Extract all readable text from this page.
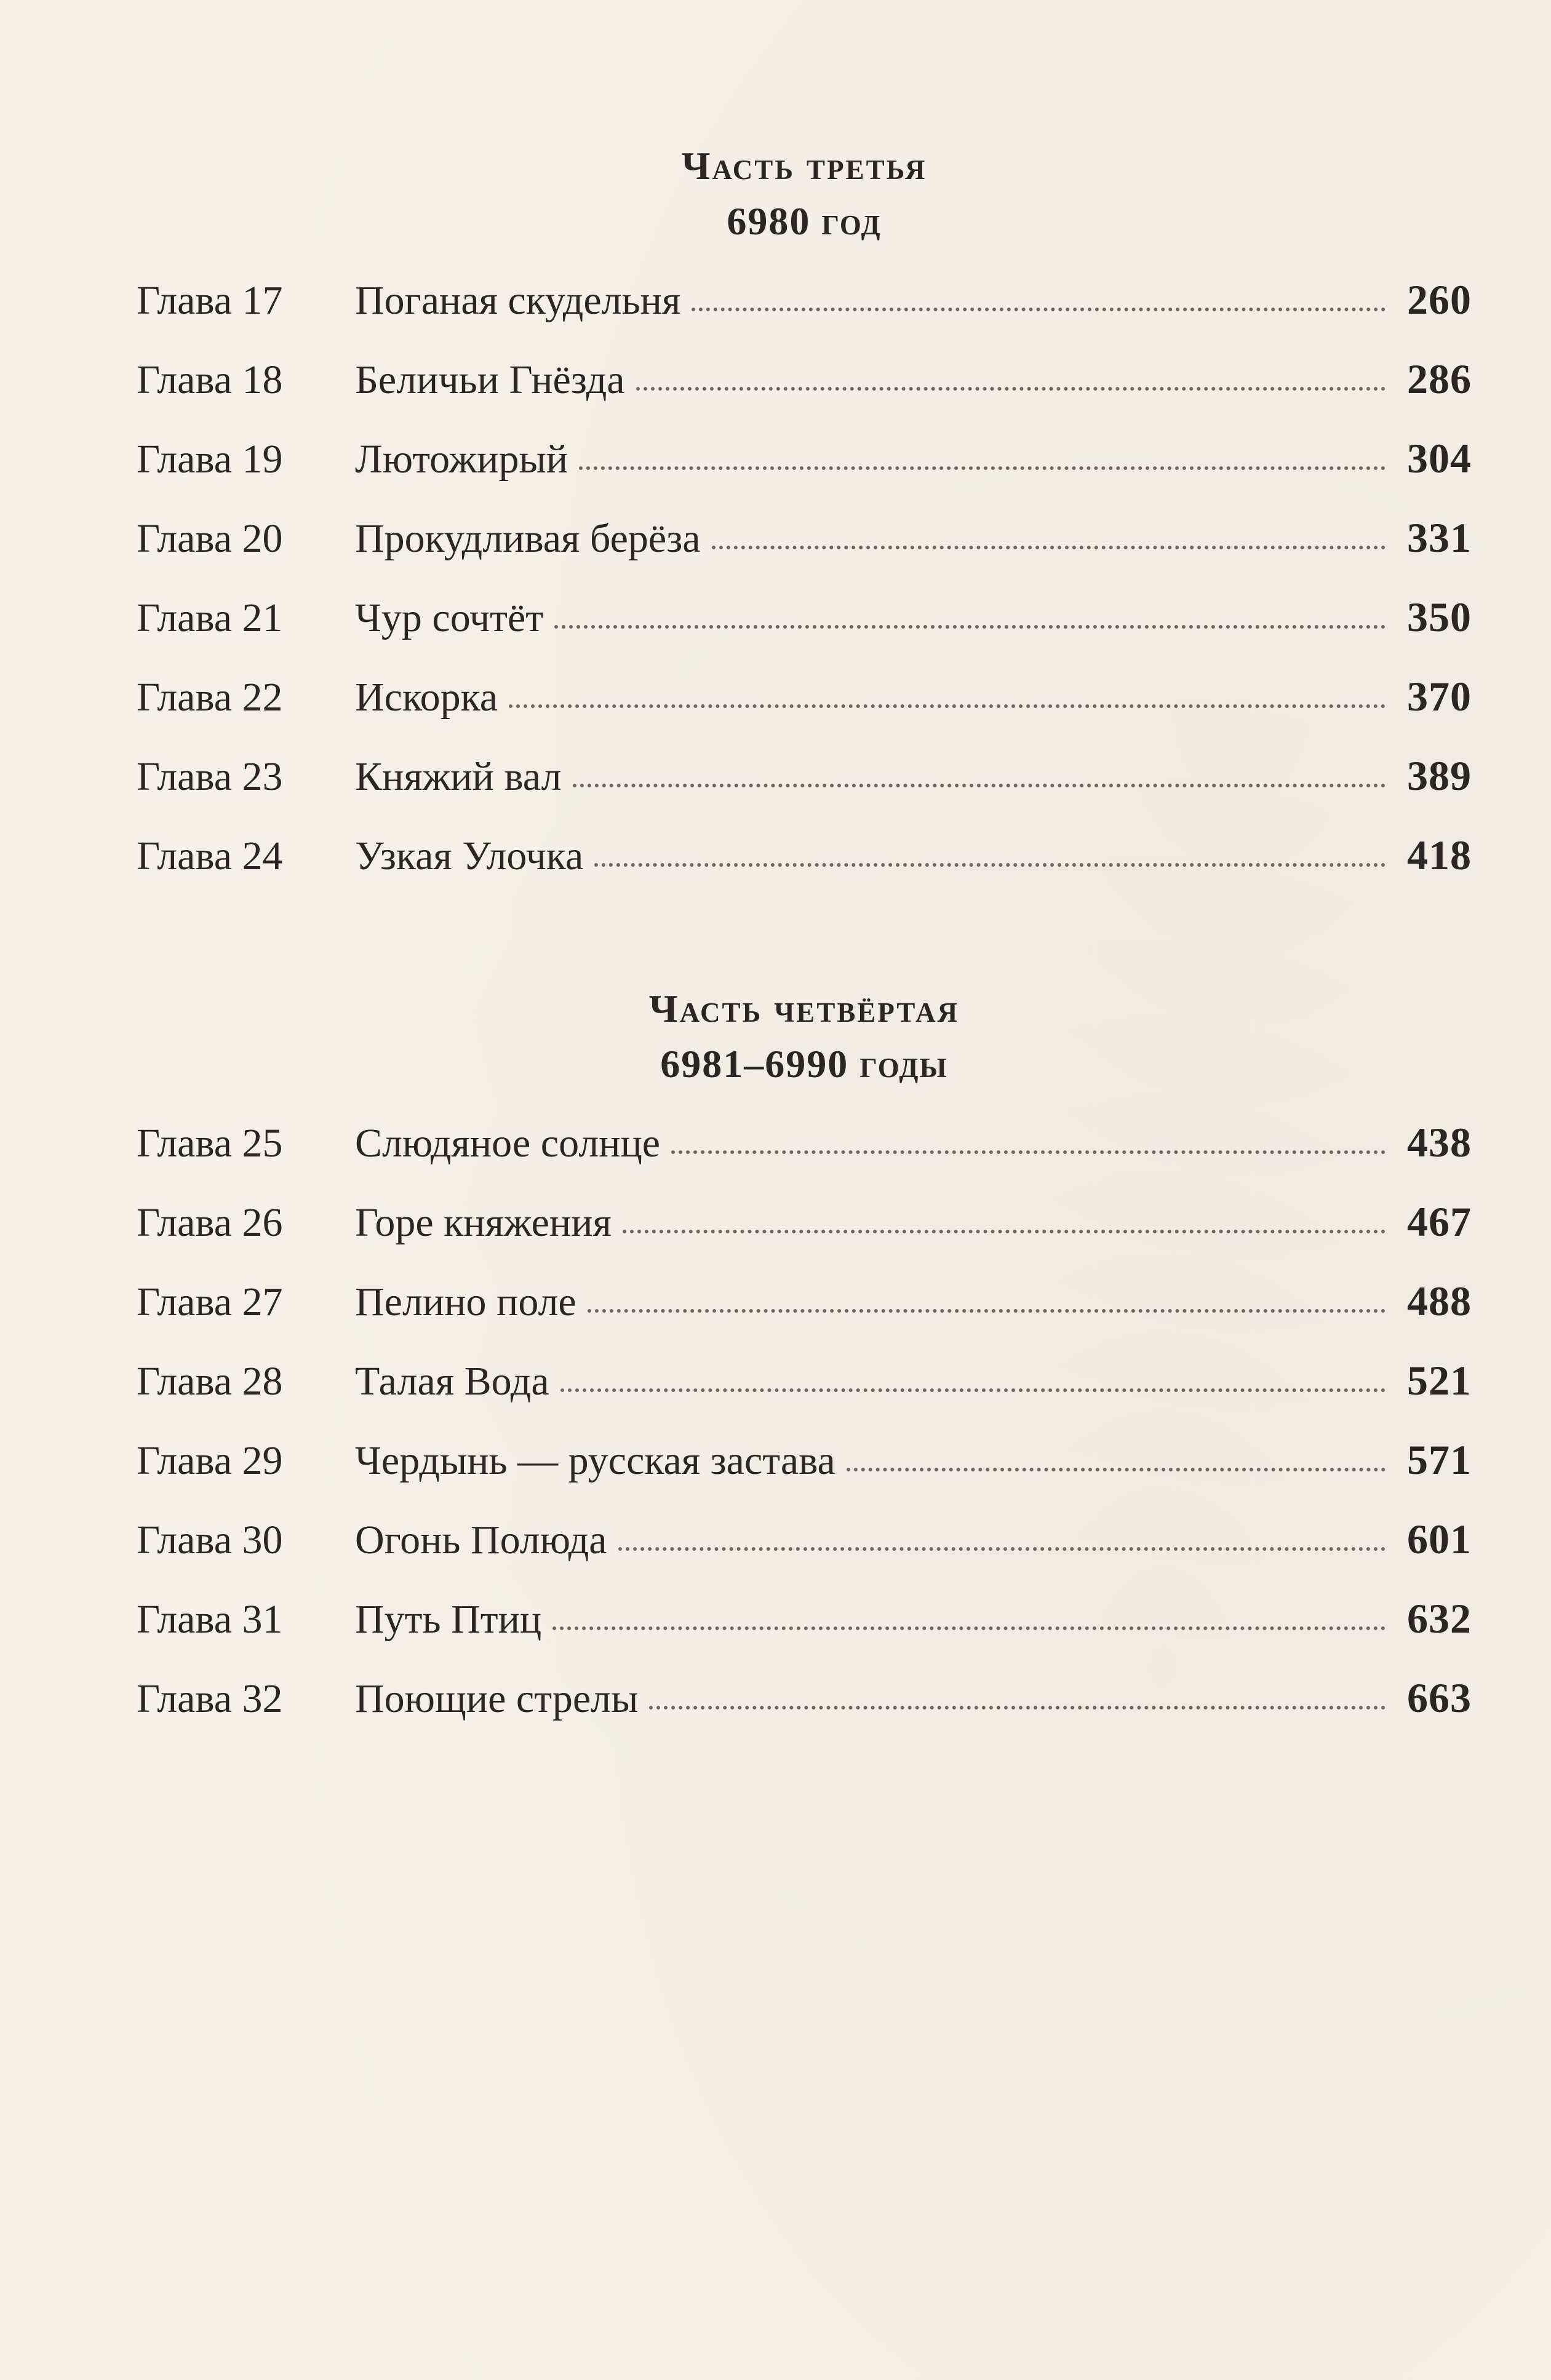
Часть третья
6980 год
Глава 17	Поганая скудельня	260
Глава 18	Беличьи Гнёзда	286
Глава 19	Лютожирый	304
Глава 20	Прокудливая берёза	331
Глава 21	Чур сочтёт	350
Глава 22	Искорка	370
Глава 23	Княжий вал	389
Глава 24	Узкая Улочка	418
Часть четвёртая
6981–6990 годы
Глава 25	Слюдяное солнце	438
Глава 26	Горе княжения	467
Глава 27	Пелино поле	488
Глава 28	Талая Вода	521
Глава 29	Чердынь — русская застава	571
Глава 30	Огонь Полюда	601
Глава 31	Путь Птиц	632
Глава 32	Поющие стрелы	663
